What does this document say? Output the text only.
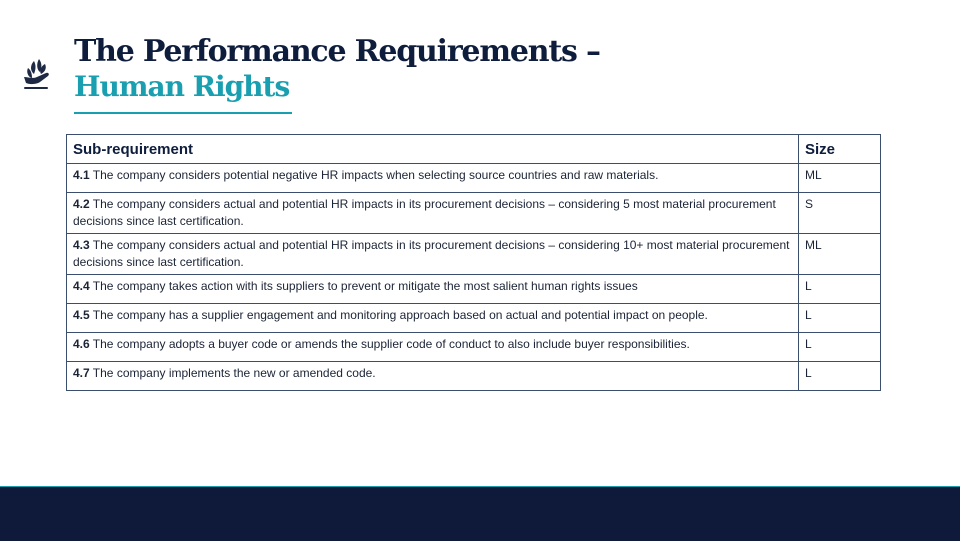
The Performance Requirements –
Human Rights
Sub-requirement	Size
4.1 The company considers potential negative HR impacts when selecting source countries and raw materials.	ML
4.2 The company considers actual and potential HR impacts in its procurement decisions – considering 5 most material procurement decisions since last certification.	S
4.3 The company considers actual and potential HR impacts in its procurement decisions – considering 10+ most material procurement decisions since last certification.	ML
4.4 The company takes action with its suppliers to prevent or mitigate the most salient human rights issues	L
4.5 The company has a supplier engagement and monitoring approach based on actual and potential impact on people.	L
4.6 The company adopts a buyer code or amends the supplier code of conduct to also include buyer responsibilities.	L
4.7 The company implements the new or amended code.	L
